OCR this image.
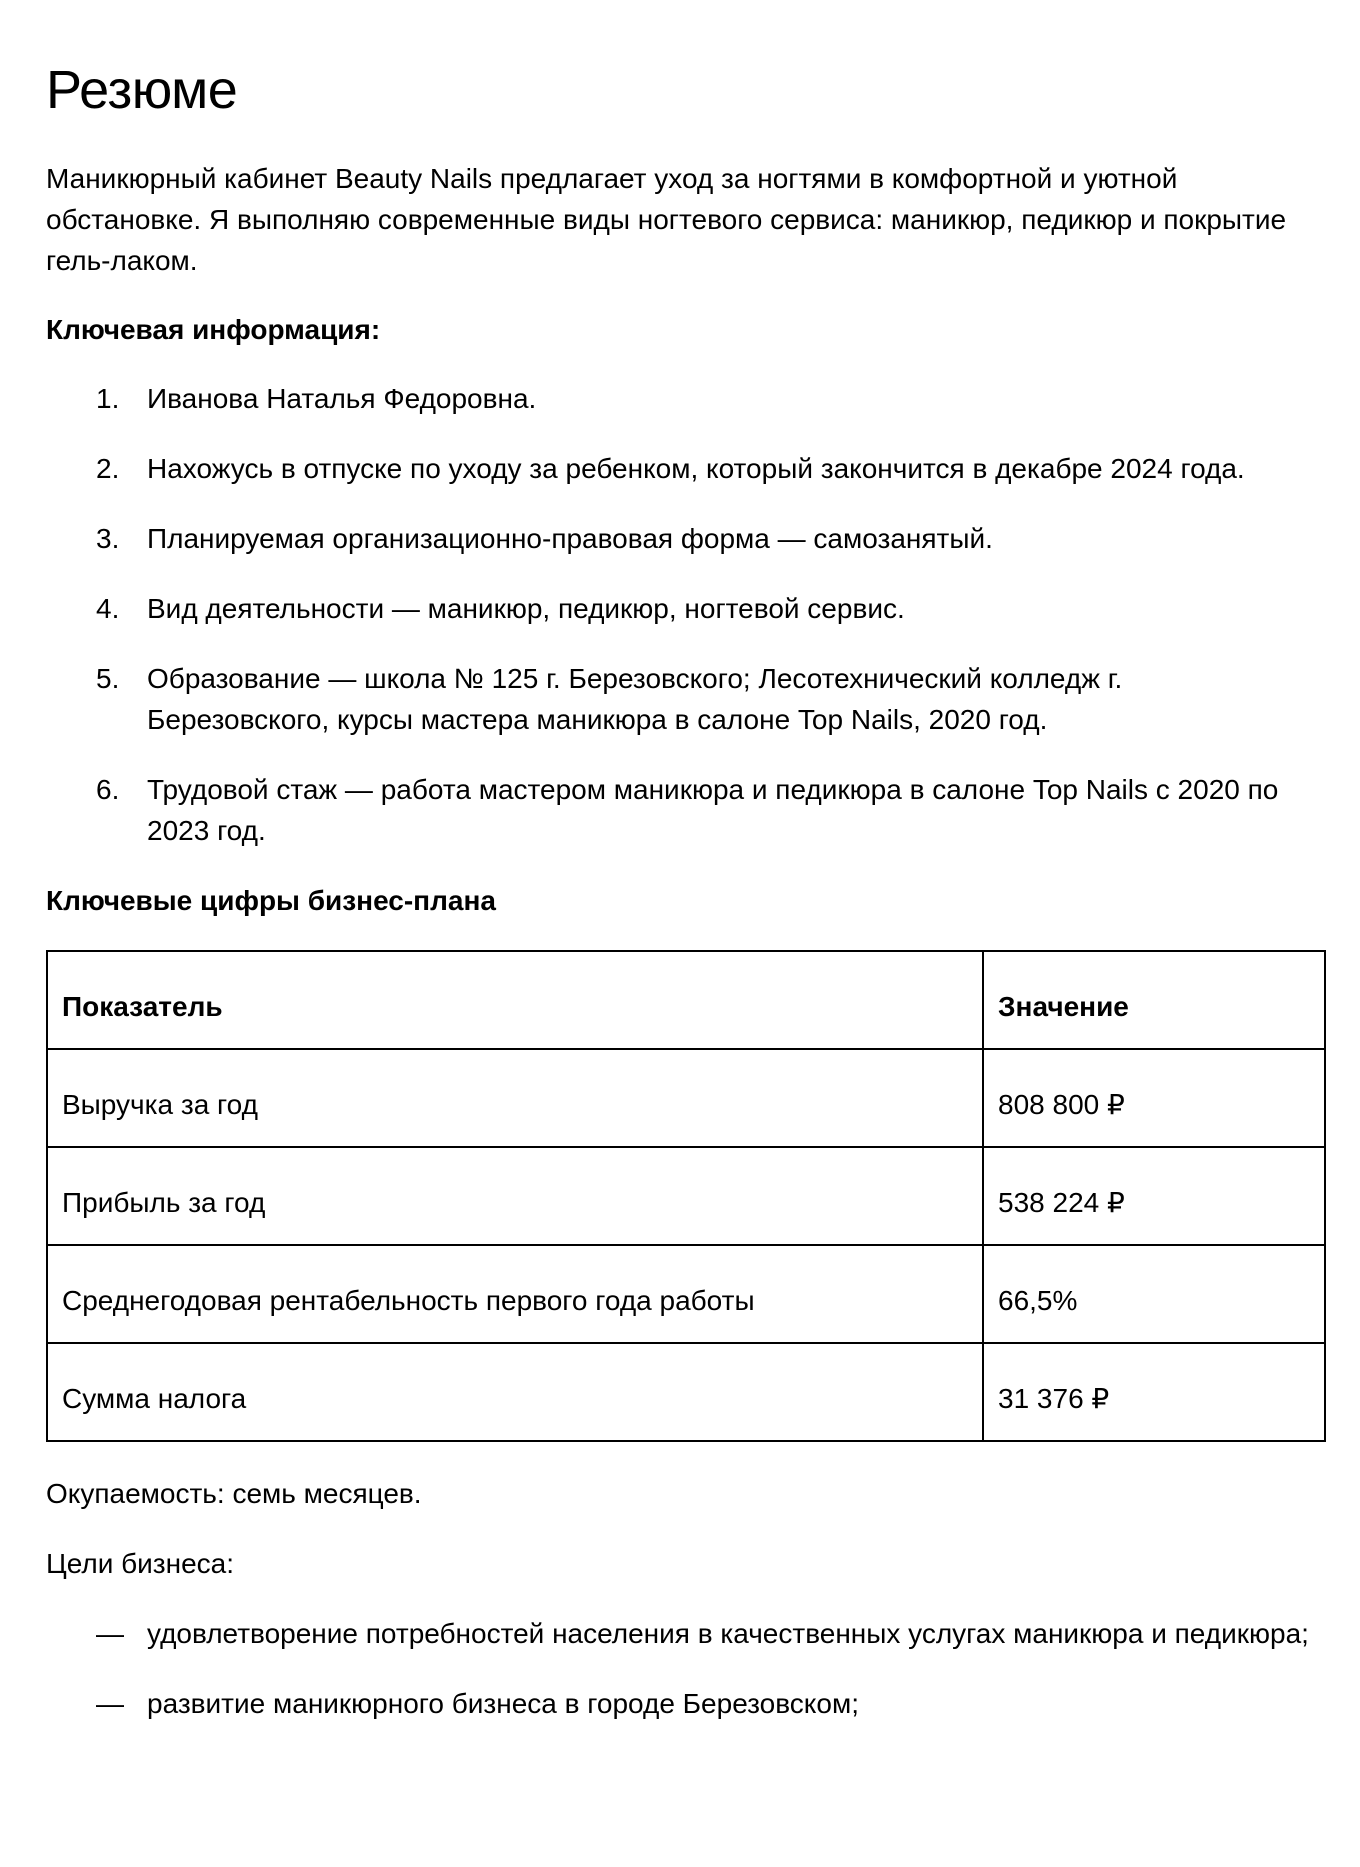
Резюме

Маникюрный кабинет Beauty Nails предлагает уход за ногтями в комфортной и уютной обстановке. Я выполняю современные виды ногтевого сервиса: маникюр, педикюр и покрытие гель-лаком.

Ключевая информация:

1. Иванова Наталья Федоровна.
2. Нахожусь в отпуске по уходу за ребенком, который закончится в декабре 2024 года.
3. Планируемая организационно-правовая форма — самозанятый.
4. Вид деятельности — маникюр, педикюр, ногтевой сервис.
5. Образование — школа № 125 г. Березовского; Лесотехнический колледж г. Березовского, курсы мастера маникюра в салоне Top Nails, 2020 год.
6. Трудовой стаж — работа мастером маникюра и педикюра в салоне Top Nails с 2020 по 2023 год.

Ключевые цифры бизнес-плана

Показатель	Значение
Выручка за год	808 800 ₽
Прибыль за год	538 224 ₽
Среднегодовая рентабельность первого года работы	66,5%
Сумма налога	31 376 ₽

Окупаемость: семь месяцев.

Цели бизнеса:

— удовлетворение потребностей населения в качественных услугах маникюра и педикюра;
— развитие маникюрного бизнеса в городе Березовском;
